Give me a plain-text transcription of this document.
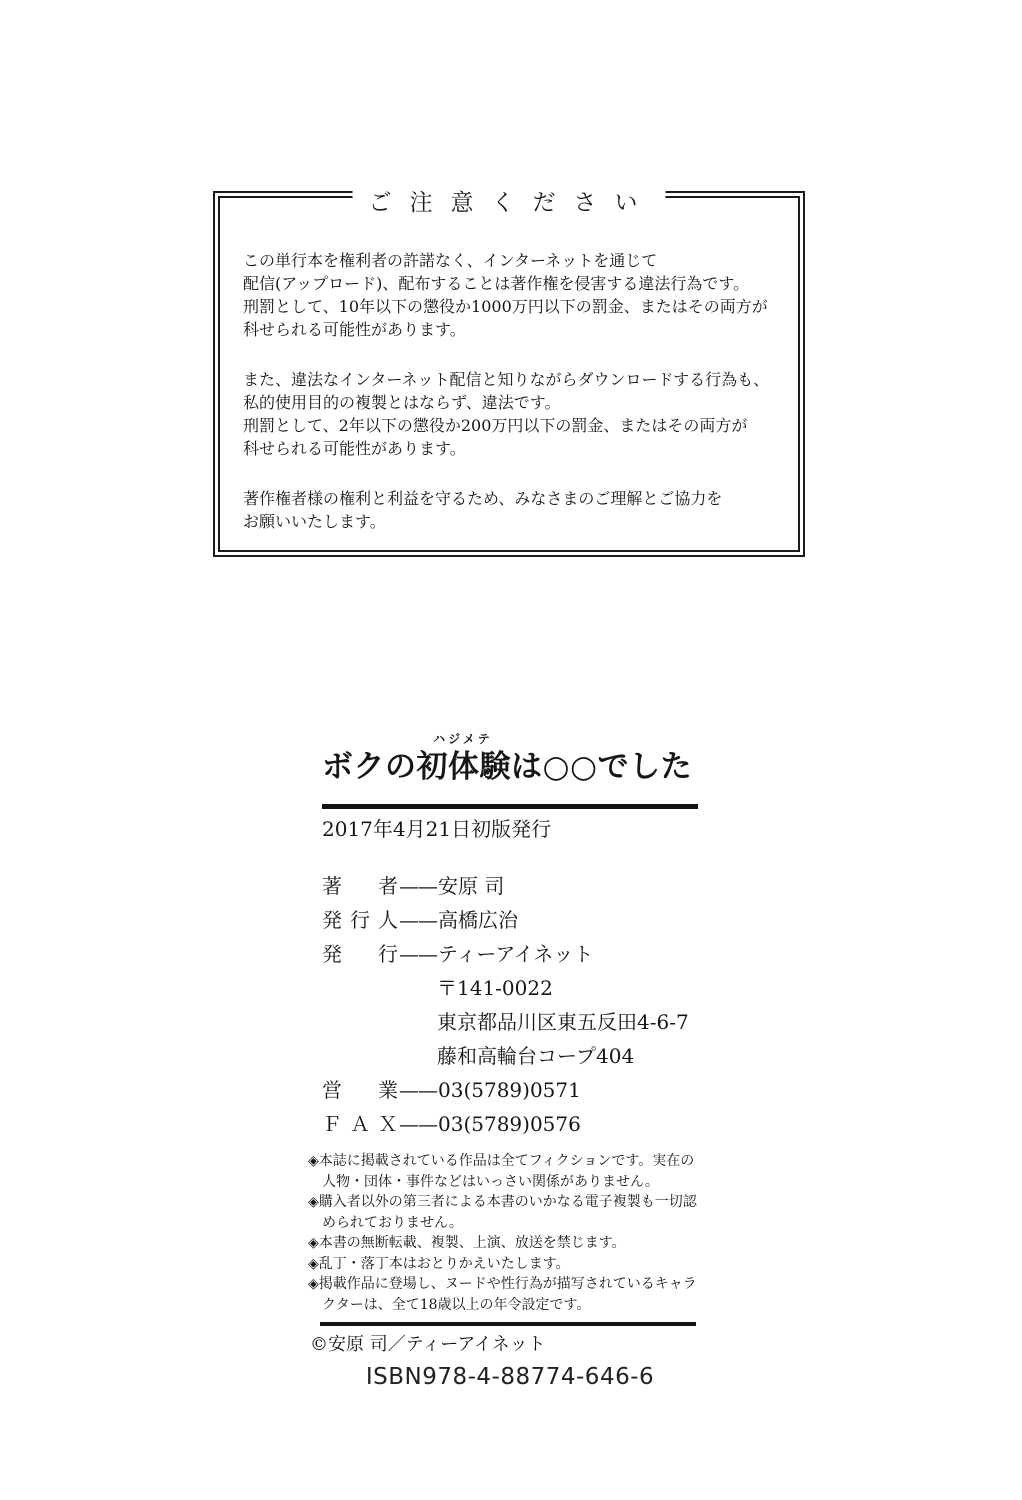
ご注意ください

この単行本を権利者の許諾なく、インターネットを通じて
配信(アップロード)、配布することは著作権を侵害する違法行為です。
刑罰として、10年以下の懲役か1000万円以下の罰金、またはその両方が
科せられる可能性があります。

また、違法なインターネット配信と知りながらダウンロードする行為も、
私的使用目的の複製とはならず、違法です。
刑罰として、2年以下の懲役か200万円以下の罰金、またはその両方が
科せられる可能性があります。

著作権者様の権利と利益を守るため、みなさまのご理解とご協力を
お願いいたします。

ハジメテ
ボクの初体験は○○でした
2017年4月21日初版発行
著　者 —— 安原 司
発行人 —— 高橋広治
発　行 —— ティーアイネット
〒141-0022
東京都品川区東五反田4-6-7
藤和高輪台コープ404
営　業 —— 03(5789)0571
ＦＡＸ —— 03(5789)0576
◈本誌に掲載されている作品は全てフィクションです。実在の人物・団体・事件などはいっさい関係がありません。
◈購入者以外の第三者による本書のいかなる電子複製も一切認められておりません。
◈本書の無断転載、複製、上演、放送を禁じます。
◈乱丁・落丁本はおとりかえいたします。
◈掲載作品に登場し、ヌードや性行為が描写されているキャラクターは、全て18歳以上の年令設定です。
©安原 司／ティーアイネット
ISBN978-4-88774-646-6
